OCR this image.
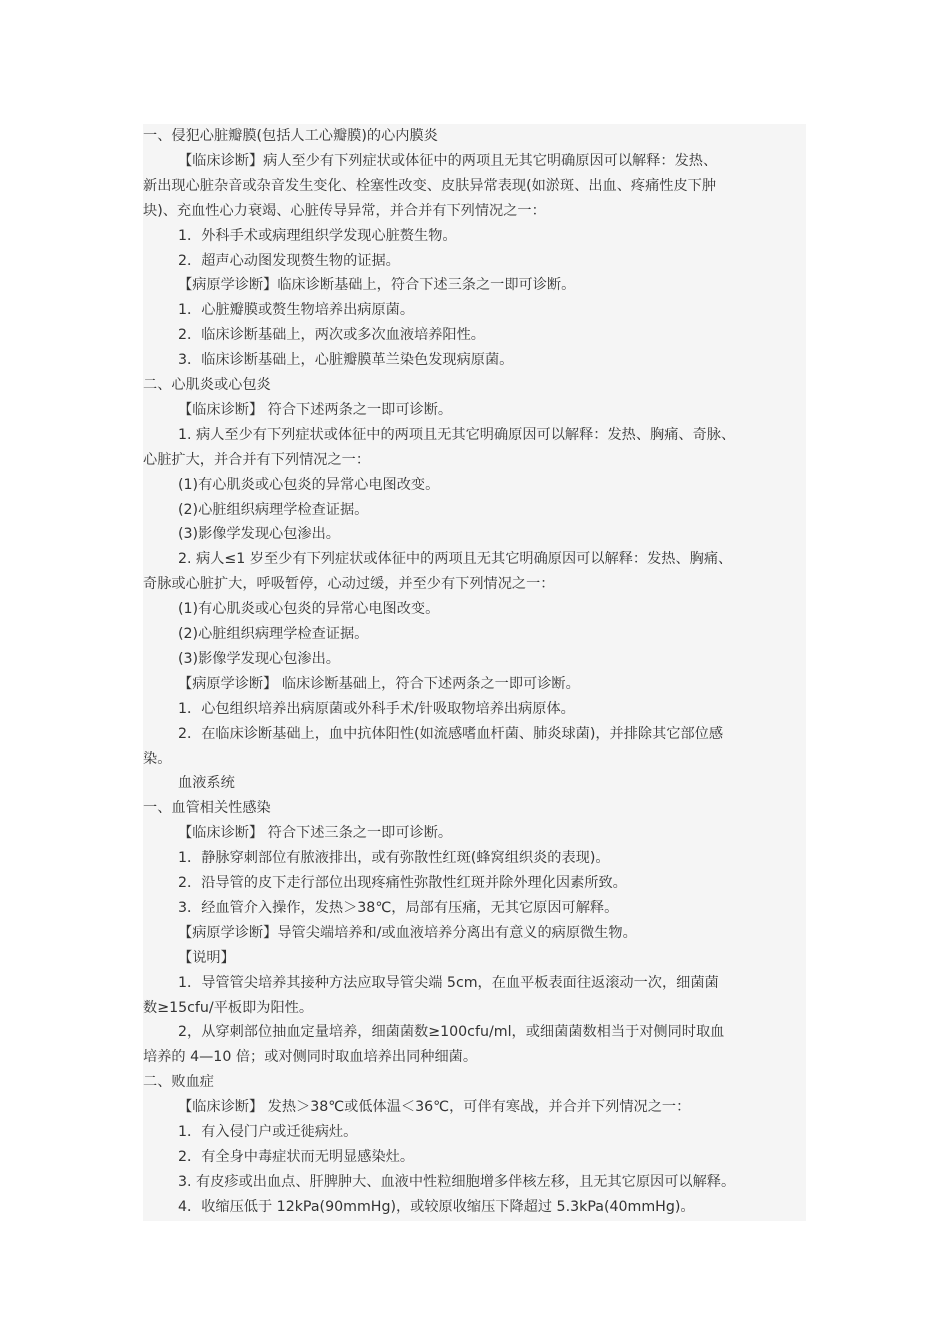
一、侵犯心脏瓣膜(包括人工心瓣膜)的心内膜炎
【临床诊断】病人至少有下列症状或体征中的两项且无其它明确原因可以解释：发热、
新出现心脏杂音或杂音发生变化、栓塞性改变、皮肤异常表现(如淤斑、出血、疼痛性皮下肿
块)、充血性心力衰竭、心脏传导异常，并合并有下列情况之一：
1．外科手术或病理组织学发现心脏赘生物。
2．超声心动图发现赘生物的证据。
【病原学诊断】临床诊断基础上，符合下述三条之一即可诊断。
1．心脏瓣膜或赘生物培养出病原菌。
2．临床诊断基础上，两次或多次血液培养阳性。
3．临床诊断基础上，心脏瓣膜革兰染色发现病原菌。
二、心肌炎或心包炎
【临床诊断】 符合下述两条之一即可诊断。
1. 病人至少有下列症状或体征中的两项且无其它明确原因可以解释：发热、胸痛、奇脉、
心脏扩大，并合并有下列情况之一：
(1)有心肌炎或心包炎的异常心电图改变。
(2)心脏组织病理学检查证据。
(3)影像学发现心包渗出。
2. 病人≤1 岁至少有下列症状或体征中的两项且无其它明确原因可以解释：发热、胸痛、
奇脉或心脏扩大，呼吸暂停，心动过缓，并至少有下列情况之一：
(1)有心肌炎或心包炎的异常心电图改变。
(2)心脏组织病理学检查证据。
(3)影像学发现心包渗出。
【病原学诊断】 临床诊断基础上，符合下述两条之一即可诊断。
1．心包组织培养出病原菌或外科手术/针吸取物培养出病原体。
2．在临床诊断基础上，血中抗体阳性(如流感嗜血杆菌、肺炎球菌)，并排除其它部位感
染。
血液系统
一、血管相关性感染
【临床诊断】 符合下述三条之一即可诊断。
1．静脉穿刺部位有脓液排出，或有弥散性红斑(蜂窝组织炎的表现)。
2．沿导管的皮下走行部位出现疼痛性弥散性红斑并除外理化因素所致。
3．经血管介入操作，发热＞38℃，局部有压痛，无其它原因可解释。
【病原学诊断】导管尖端培养和/或血液培养分离出有意义的病原微生物。
【说明】
1．导管管尖培养其接种方法应取导管尖端 5cm，在血平板表面往返滚动一次，细菌菌
数≥15cfu/平板即为阳性。
2，从穿刺部位抽血定量培养，细菌菌数≥100cfu/ml，或细菌菌数相当于对侧同时取血
培养的 4—10 倍；或对侧同时取血培养出同种细菌。
二、败血症
【临床诊断】 发热＞38℃或低体温＜36℃，可伴有寒战，并合并下列情况之一：
1．有入侵门户或迁徙病灶。
2．有全身中毒症状而无明显感染灶。
3. 有皮疹或出血点、肝脾肿大、血液中性粒细胞增多伴核左移，且无其它原因可以解释。
4．收缩压低于 12kPa(90mmHg)，或较原收缩压下降超过 5.3kPa(40mmHg)。
